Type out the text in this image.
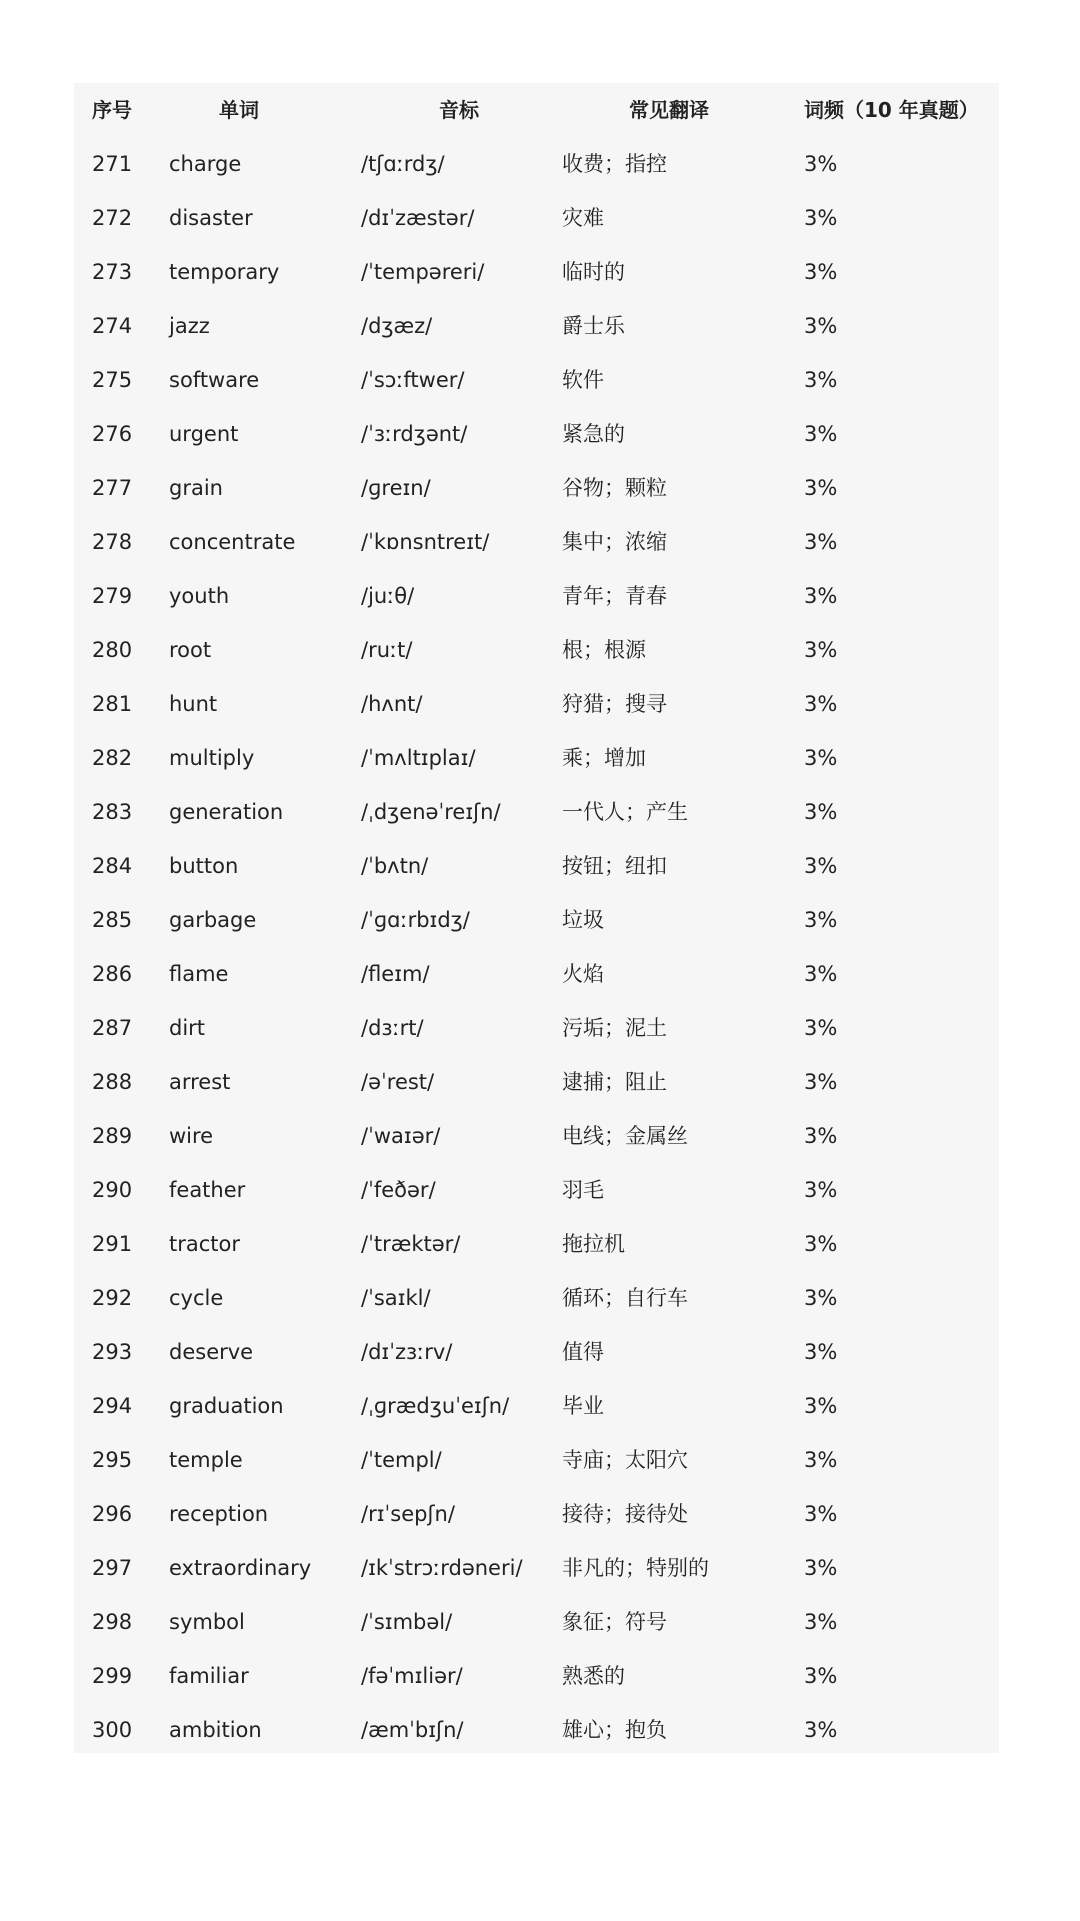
序号	单词	音标	常见翻译	词频（10 年真题）
271	charge	/tʃɑːrdʒ/	收费；指控	3%
272	disaster	/dɪˈzæstər/	灾难	3%
273	temporary	/ˈtempəreri/	临时的	3%
274	jazz	/dʒæz/	爵士乐	3%
275	software	/ˈsɔːftwer/	软件	3%
276	urgent	/ˈɜːrdʒənt/	紧急的	3%
277	grain	/ɡreɪn/	谷物；颗粒	3%
278	concentrate	/ˈkɒnsntreɪt/	集中；浓缩	3%
279	youth	/juːθ/	青年；青春	3%
280	root	/ruːt/	根；根源	3%
281	hunt	/hʌnt/	狩猎；搜寻	3%
282	multiply	/ˈmʌltɪplaɪ/	乘；增加	3%
283	generation	/ˌdʒenəˈreɪʃn/	一代人；产生	3%
284	button	/ˈbʌtn/	按钮；纽扣	3%
285	garbage	/ˈɡɑːrbɪdʒ/	垃圾	3%
286	flame	/fleɪm/	火焰	3%
287	dirt	/dɜːrt/	污垢；泥土	3%
288	arrest	/əˈrest/	逮捕；阻止	3%
289	wire	/ˈwaɪər/	电线；金属丝	3%
290	feather	/ˈfeðər/	羽毛	3%
291	tractor	/ˈtræktər/	拖拉机	3%
292	cycle	/ˈsaɪkl/	循环；自行车	3%
293	deserve	/dɪˈzɜːrv/	值得	3%
294	graduation	/ˌɡrædʒuˈeɪʃn/	毕业	3%
295	temple	/ˈtempl/	寺庙；太阳穴	3%
296	reception	/rɪˈsepʃn/	接待；接待处	3%
297	extraordinary	/ɪkˈstrɔːrdəneri/	非凡的；特别的	3%
298	symbol	/ˈsɪmbəl/	象征；符号	3%
299	familiar	/fəˈmɪliər/	熟悉的	3%
300	ambition	/æmˈbɪʃn/	雄心；抱负	3%
